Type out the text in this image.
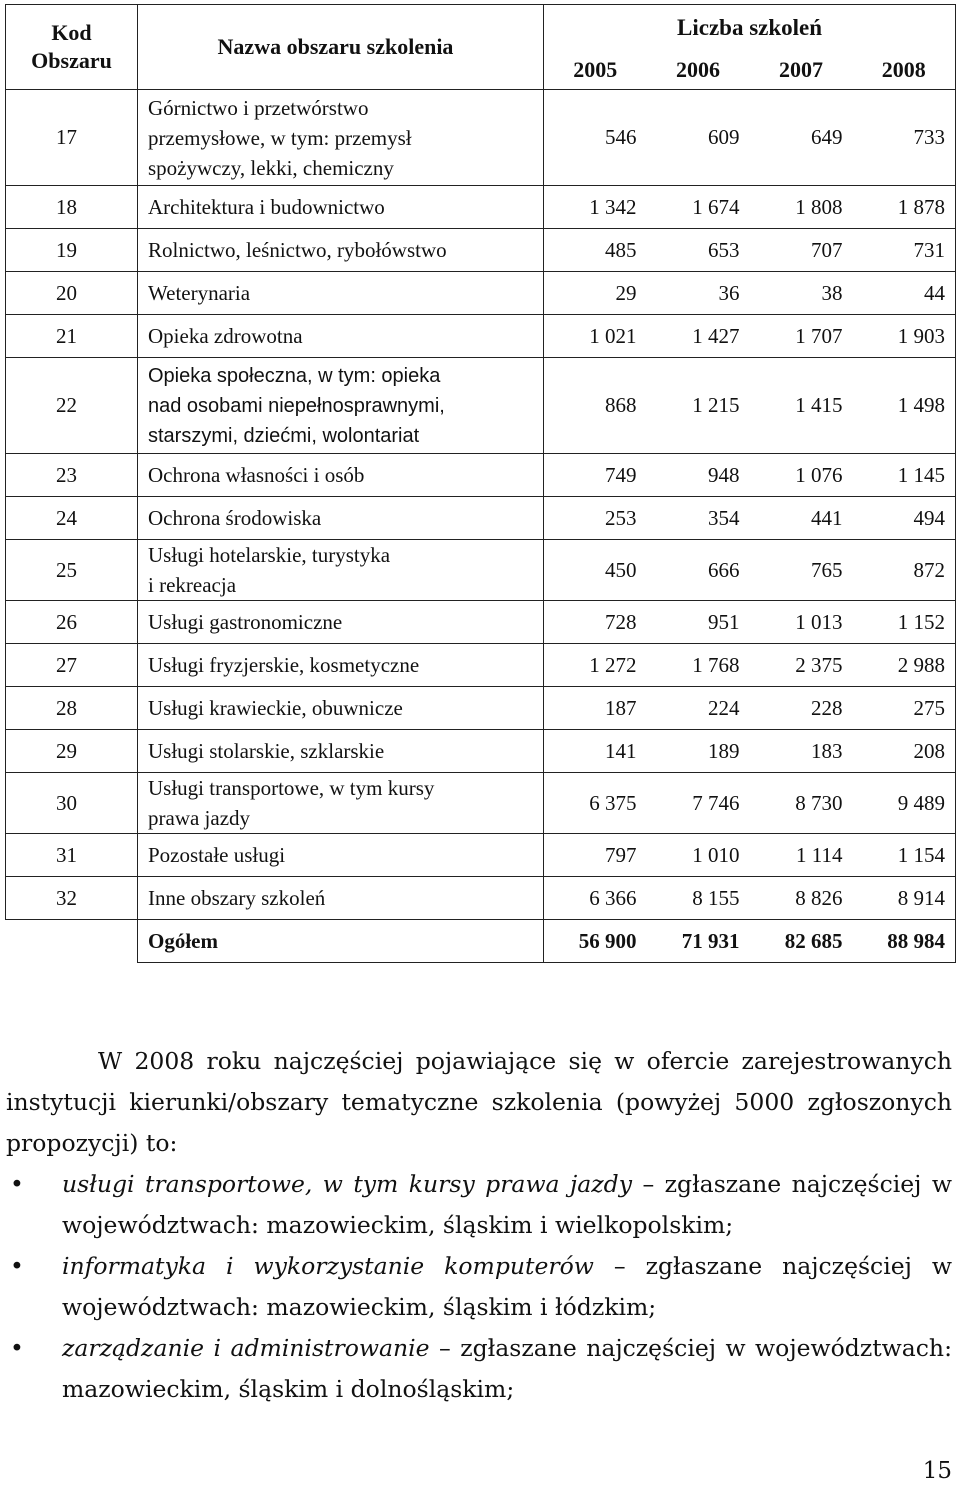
Kod
Obszaru	Nazwa obszaru szkolenia	Liczba szkoleń			
		2005	2006	2007	2008
17	Górnictwo i przetwórstwo
przemysłowe, w tym: przemysł
spożywczy, lekki, chemiczny	546	609	649	733
18	Architektura i budownictwo	1 342	1 674	1 808	1 878
19	Rolnictwo, leśnictwo, rybołówstwo	485	653	707	731
20	Weterynaria	29	36	38	44
21	Opieka zdrowotna	1 021	1 427	1 707	1 903
22	Opieka społeczna, w tym: opieka
nad osobami niepełnosprawnymi,
starszymi, dziećmi, wolontariat	868	1 215	1 415	1 498
23	Ochrona własności i osób	749	948	1 076	1 145
24	Ochrona środowiska	253	354	441	494
25	Usługi hotelarskie, turystyka
i rekreacja	450	666	765	872
26	Usługi gastronomiczne	728	951	1 013	1 152
27	Usługi fryzjerskie, kosmetyczne	1 272	1 768	2 375	2 988
28	Usługi krawieckie, obuwnicze	187	224	228	275
29	Usługi stolarskie, szklarskie	141	189	183	208
30	Usługi transportowe, w tym kursy
prawa jazdy	6 375	7 746	8 730	9 489
31	Pozostałe usługi	797	1 010	1 114	1 154
32	Inne obszary szkoleń	6 366	8 155	8 826	8 914
	Ogółem	56 900	71 931	82 685	88 984

W 2008 roku najczęściej pojawiające się w ofercie zarejestrowanych instytucji kierunki/obszary tematyczne szkolenia (powyżej 5000 zgłoszonych propozycji) to:

• usługi transportowe, w tym kursy prawa jazdy – zgłaszane najczęściej w województwach: mazowieckim, śląskim i wielkopolskim;
• informatyka i wykorzystanie komputerów – zgłaszane najczęściej w województwach: mazowieckim, śląskim i łódzkim;
• zarządzanie i administrowanie – zgłaszane najczęściej w województwach: mazowieckim, śląskim i dolnośląskim;
15
